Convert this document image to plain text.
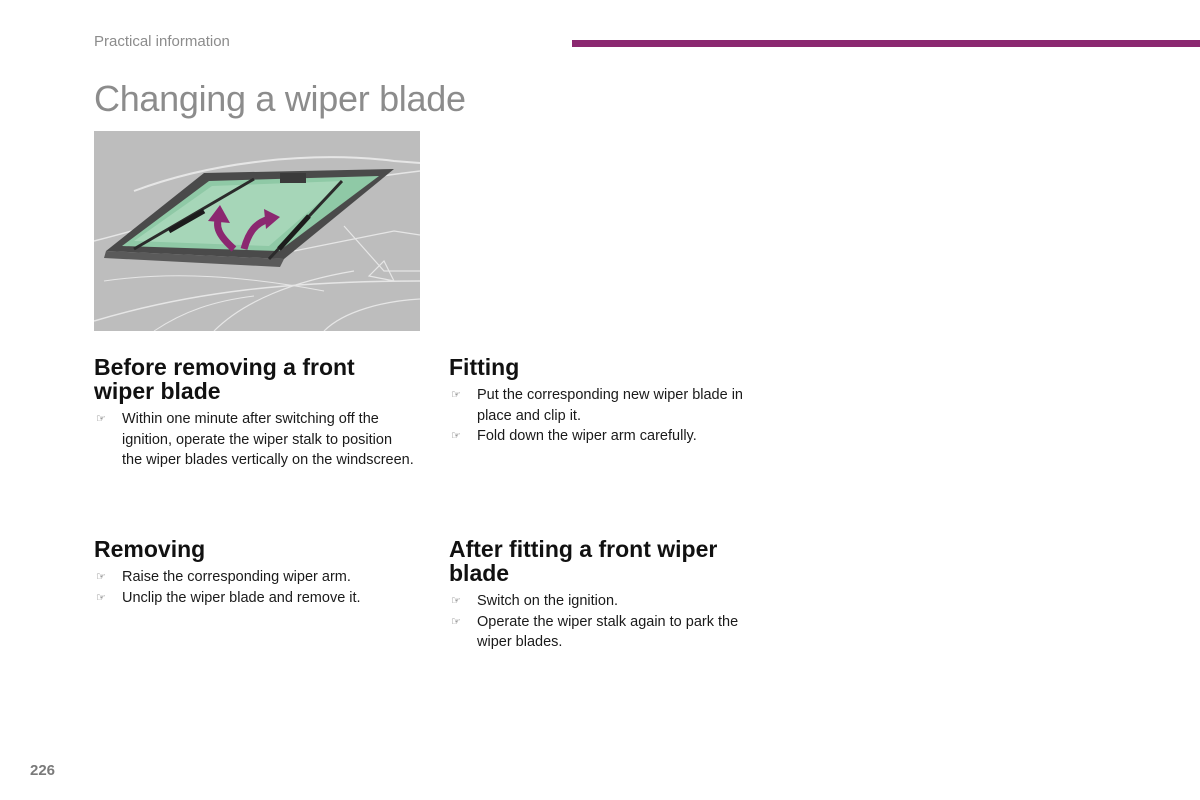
Practical information
Changing a wiper blade
Before removing a front wiper blade
☞ Within one minute after switching off the ignition, operate the wiper stalk to position the wiper blades vertically on the windscreen.
Removing
☞ Raise the corresponding wiper arm.
☞ Unclip the wiper blade and remove it.
Fitting
☞ Put the corresponding new wiper blade in place and clip it.
☞ Fold down the wiper arm carefully.
After fitting a front wiper blade
☞ Switch on the ignition.
☞ Operate the wiper stalk again to park the wiper blades.
226
